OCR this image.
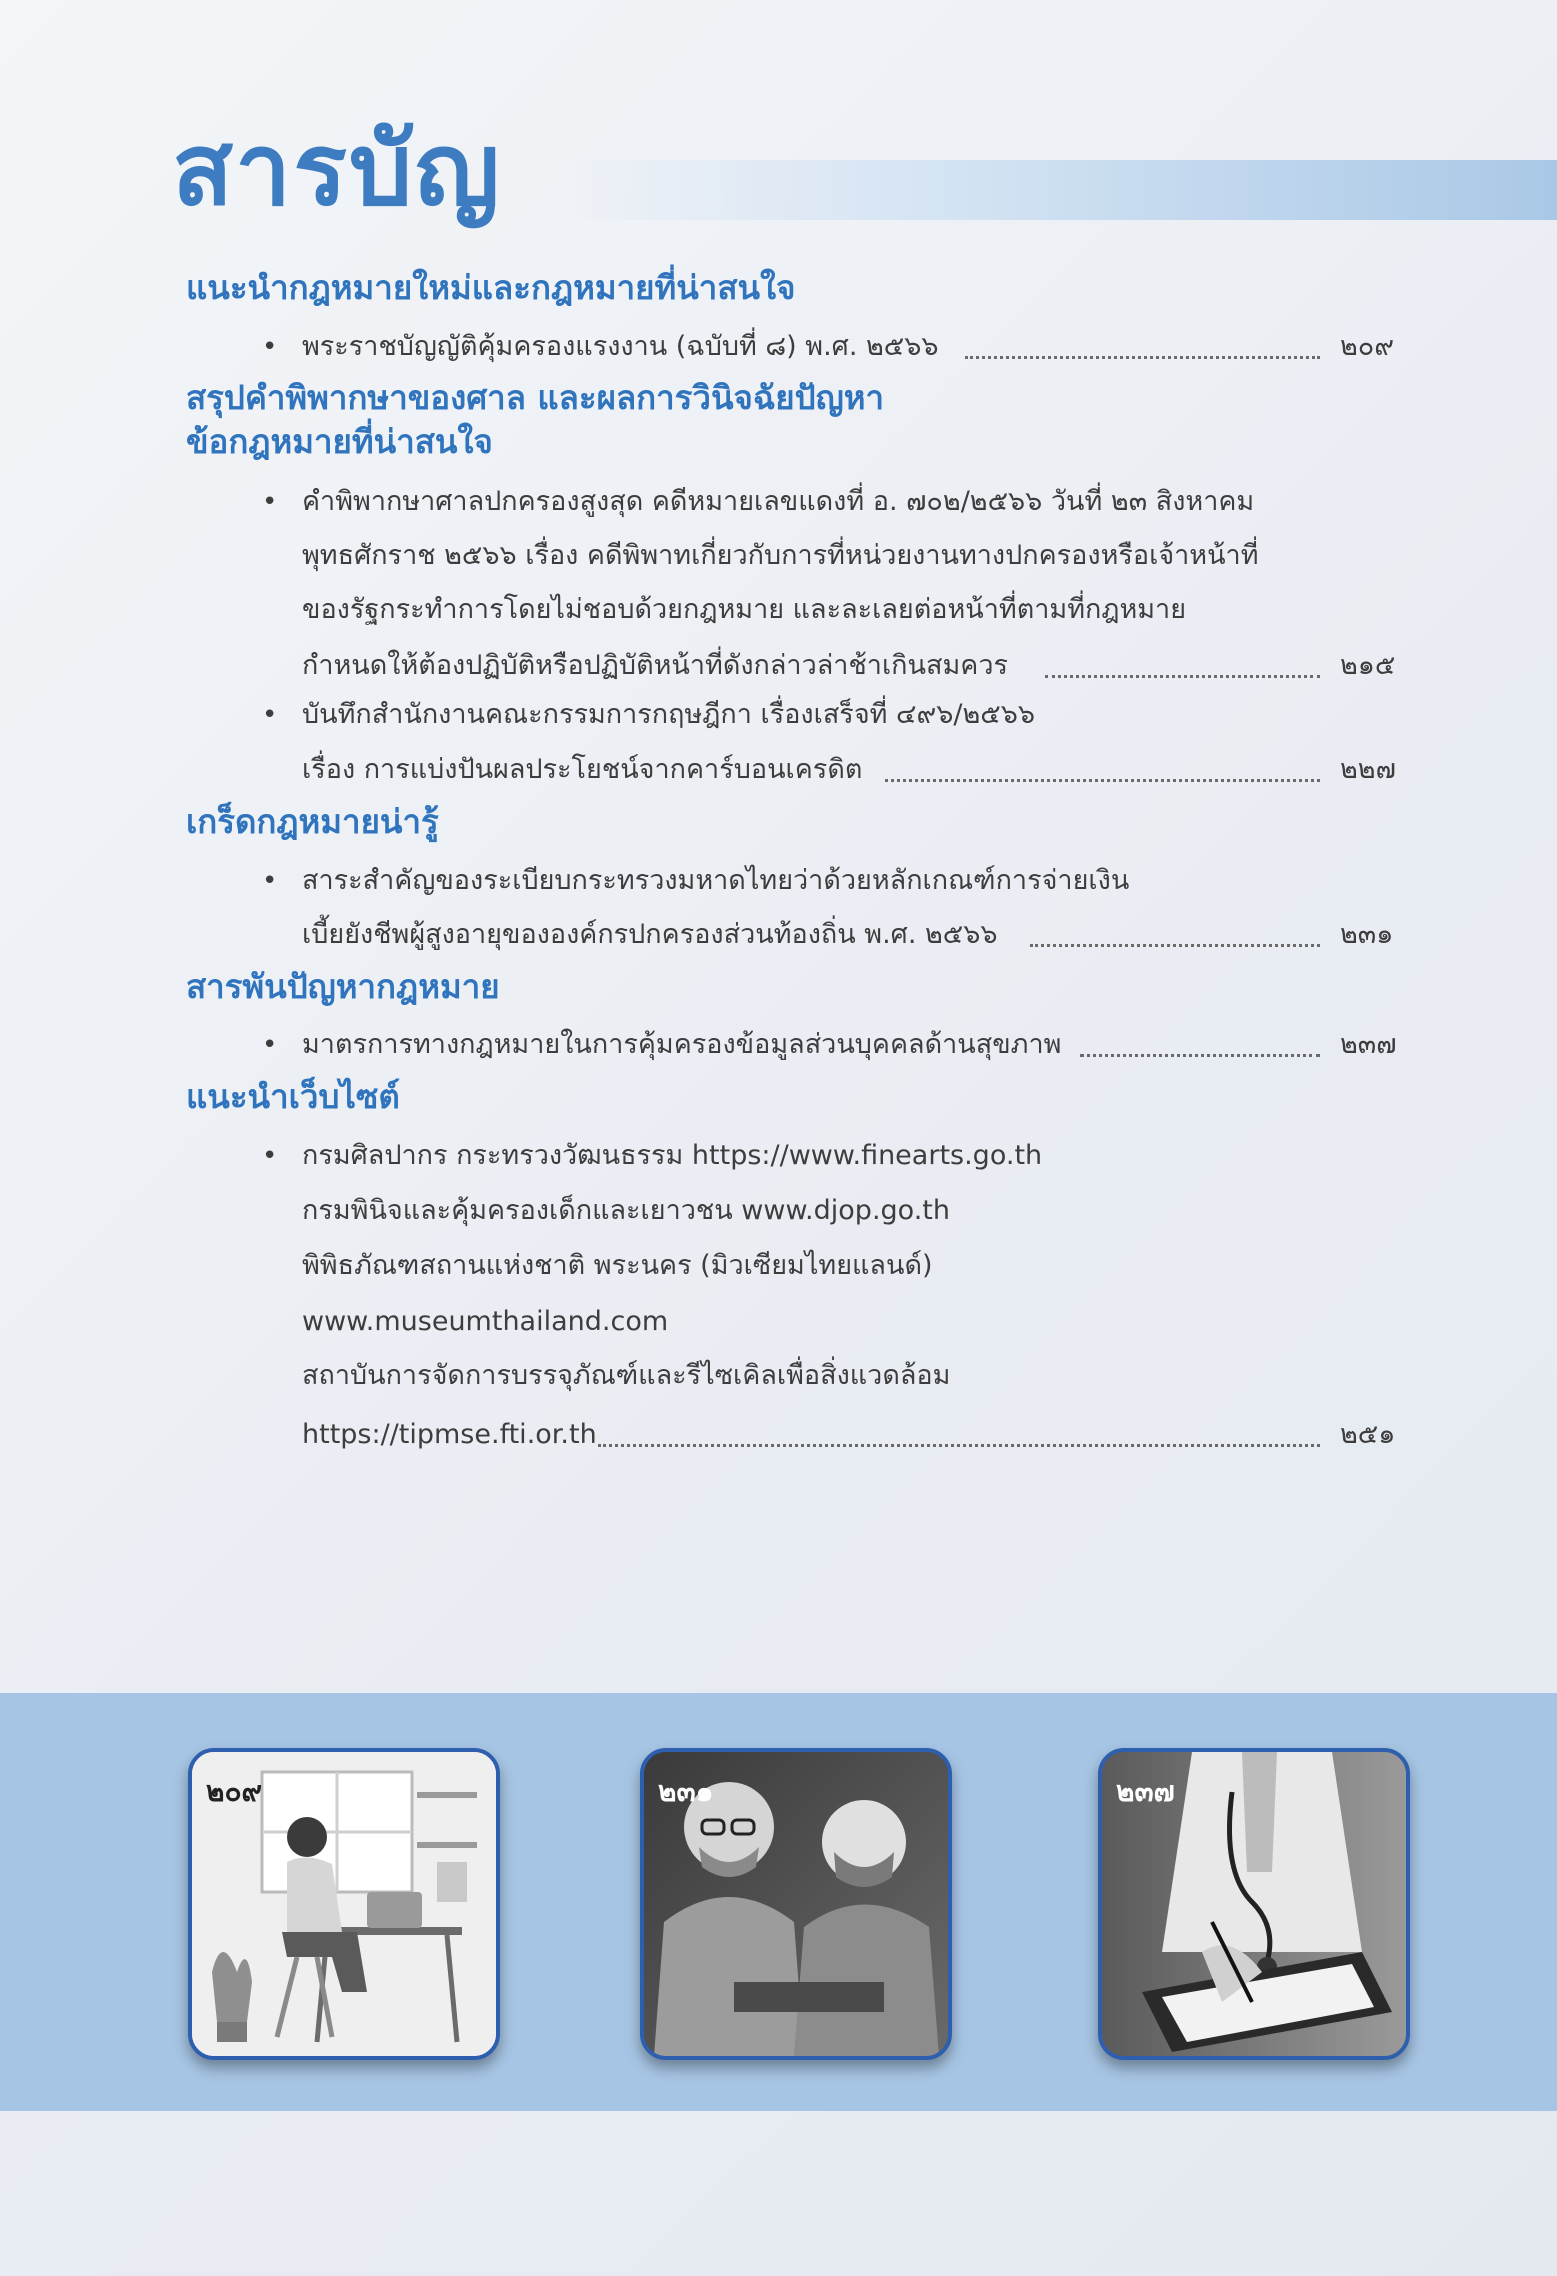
สารบัญ
แนะนำกฎหมายใหม่และกฎหมายที่น่าสนใจ
• พระราชบัญญัติคุ้มครองแรงงาน (ฉบับที่ ๘) พ.ศ. ๒๕๖๖	๒๐๙
สรุปคำพิพากษาของศาล และผลการวินิจฉัยปัญหา
ข้อกฎหมายที่น่าสนใจ
• คำพิพากษาศาลปกครองสูงสุด คดีหมายเลขแดงที่ อ. ๗๐๒/๒๕๖๖ วันที่ ๒๓ สิงหาคม
พุทธศักราช ๒๕๖๖ เรื่อง คดีพิพาทเกี่ยวกับการที่หน่วยงานทางปกครองหรือเจ้าหน้าที่
ของรัฐกระทำการโดยไม่ชอบด้วยกฎหมาย และละเลยต่อหน้าที่ตามที่กฎหมาย
กำหนดให้ต้องปฏิบัติหรือปฏิบัติหน้าที่ดังกล่าวล่าช้าเกินสมควร	๒๑๕
• บันทึกสำนักงานคณะกรรมการกฤษฎีกา เรื่องเสร็จที่ ๔๙๖/๒๕๖๖
เรื่อง การแบ่งปันผลประโยชน์จากคาร์บอนเครดิต	๒๒๗
เกร็ดกฎหมายน่ารู้
• สาระสำคัญของระเบียบกระทรวงมหาดไทยว่าด้วยหลักเกณฑ์การจ่ายเงิน
เบี้ยยังชีพผู้สูงอายุขององค์กรปกครองส่วนท้องถิ่น พ.ศ. ๒๕๖๖	๒๓๑
สารพันปัญหากฎหมาย
• มาตรการทางกฎหมายในการคุ้มครองข้อมูลส่วนบุคคลด้านสุขภาพ	๒๓๗
แนะนำเว็บไซต์
• กรมศิลปากร กระทรวงวัฒนธรรม https://www.finearts.go.th
กรมพินิจและคุ้มครองเด็กและเยาวชน www.djop.go.th
พิพิธภัณฑสถานแห่งชาติ พระนคร (มิวเซียมไทยแลนด์)
www.museumthailand.com
สถาบันการจัดการบรรจุภัณฑ์และรีไซเคิลเพื่อสิ่งแวดล้อม
https://tipmse.fti.or.th	๒๕๑
๒๐๙	๒๓๑	๒๓๗
